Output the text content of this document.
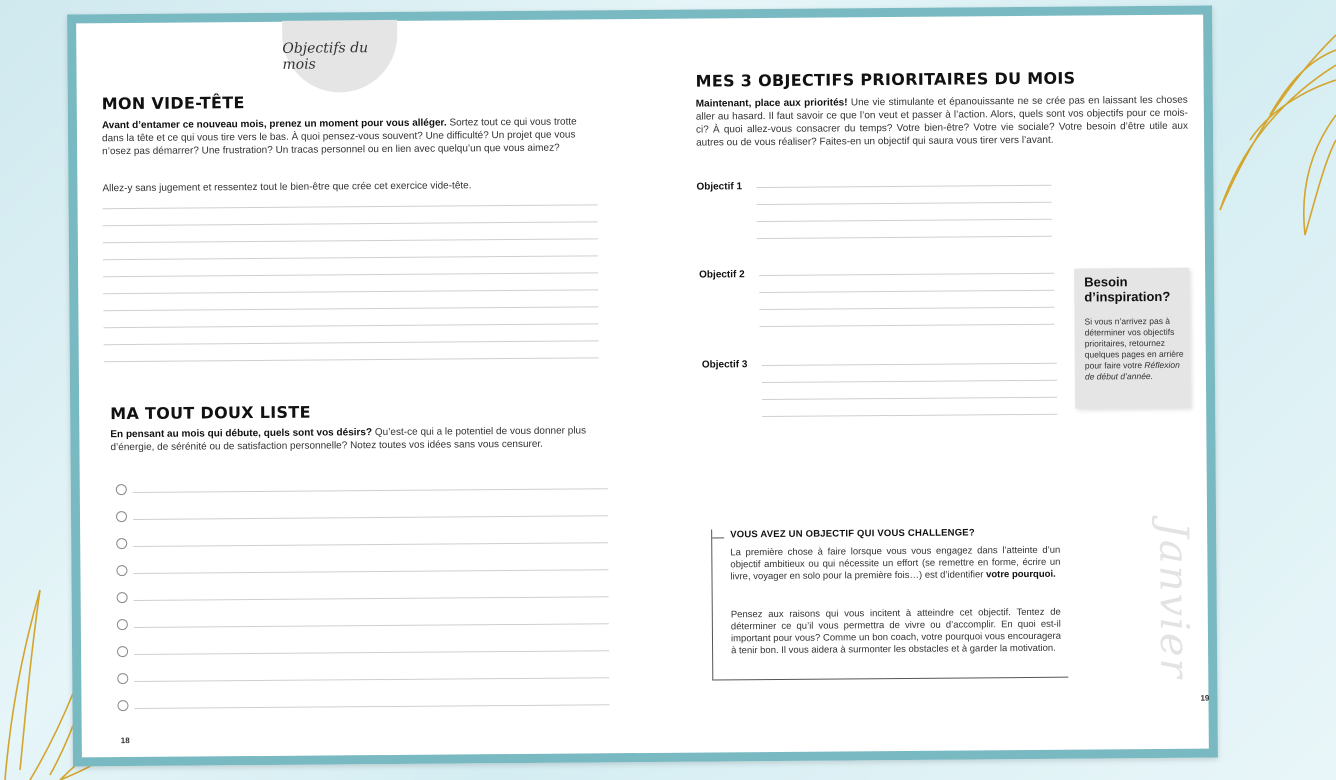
Objectifs du mois
MON VIDE-TÊTE

Avant d’entamer ce nouveau mois, prenez un moment pour vous alléger. Sortez tout ce qui vous trotte dans la tête et ce qui vous tire vers le bas. À quoi pensez-vous souvent? Une difficulté? Un projet que vous n’osez pas démarrer? Une frustration? Un tracas personnel ou en lien avec quelqu’un que vous aimez?

Allez-y sans jugement et ressentez tout le bien-être que crée cet exercice vide-tête.

MA TOUT DOUX LISTE

En pensant au mois qui débute, quels sont vos désirs? Qu’est-ce qui a le potentiel de vous donner plus d’énergie, de sérénité ou de satisfaction personnelle? Notez toutes vos idées sans vous censurer.

18
MES 3 OBJECTIFS PRIORITAIRES DU MOIS

Maintenant, place aux priorités! Une vie stimulante et épanouissante ne se crée pas en laissant les choses aller au hasard. Il faut savoir ce que l’on veut et passer à l’action. Alors, quels sont vos objectifs pour ce mois-ci? À quoi allez-vous consacrer du temps? Votre bien-être? Votre vie sociale? Votre besoin d’être utile aux autres ou de vous réaliser? Faites-en un objectif qui saura vous tirer vers l’avant.

Objectif 1
Objectif 2
Objectif 3
Besoin d’inspiration?
Si vous n’arrivez pas à déterminer vos objectifs prioritaires, retournez quelques pages en arrière pour faire votre Réflexion de début d’année.
VOUS AVEZ UN OBJECTIF QUI VOUS CHALLENGE?
La première chose à faire lorsque vous vous engagez dans l’atteinte d’un objectif ambitieux ou qui nécessite un effort (se remettre en forme, écrire un livre, voyager en solo pour la première fois…) est d’identifier votre pourquoi.
Pensez aux raisons qui vous incitent à atteindre cet objectif. Tentez de déterminer ce qu’il vous permettra de vivre ou d’accomplir. En quoi est-il important pour vous? Comme un bon coach, votre pourquoi vous encouragera à tenir bon. Il vous aidera à surmonter les obstacles et à garder la motivation.	Janvier
19
